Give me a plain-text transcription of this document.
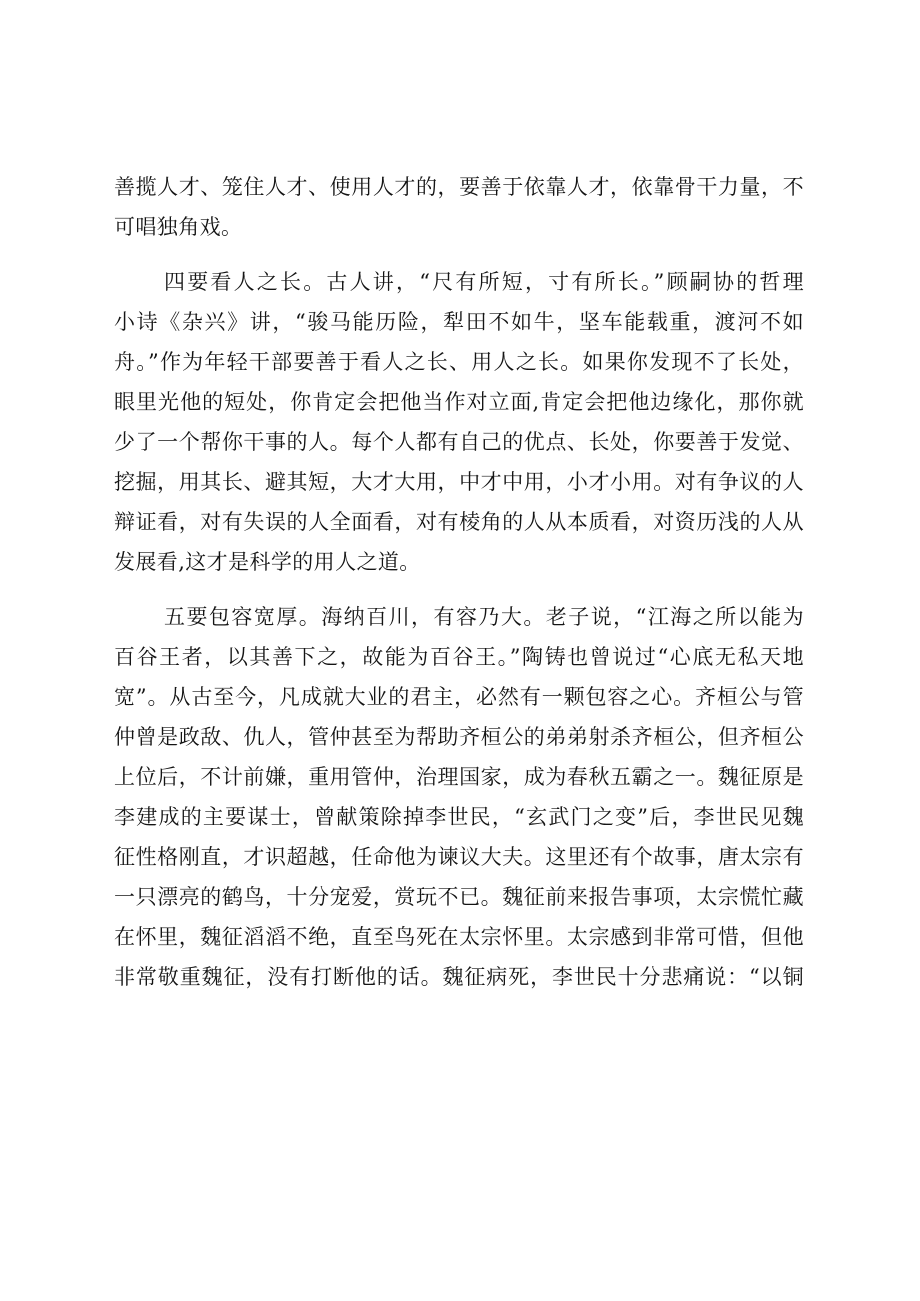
善揽人才、笼住人才、使用人才的，要善于依靠人才，依靠骨干力量，不
可唱独角戏。
四要看人之长。古人讲，“尺有所短，寸有所长。”顾嗣协的哲理
小诗《杂兴》讲，“骏马能历险，犁田不如牛，坚车能载重，渡河不如
舟。”作为年轻干部要善于看人之长、用人之长。如果你发现不了长处，
眼里光他的短处，你肯定会把他当作对立面,肯定会把他边缘化，那你就
少了一个帮你干事的人。每个人都有自己的优点、长处，你要善于发觉、
挖掘，用其长、避其短，大才大用，中才中用，小才小用。对有争议的人
辩证看，对有失误的人全面看，对有棱角的人从本质看，对资历浅的人从
发展看,这才是科学的用人之道。
五要包容宽厚。海纳百川，有容乃大。老子说，“江海之所以能为
百谷王者，以其善下之，故能为百谷王。”陶铸也曾说过“心底无私天地
宽”。从古至今，凡成就大业的君主，必然有一颗包容之心。齐桓公与管
仲曾是政敌、仇人，管仲甚至为帮助齐桓公的弟弟射杀齐桓公，但齐桓公
上位后，不计前嫌，重用管仲，治理国家，成为春秋五霸之一。魏征原是
李建成的主要谋士，曾献策除掉李世民，“玄武门之变”后，李世民见魏
征性格刚直，才识超越，任命他为谏议大夫。这里还有个故事，唐太宗有
一只漂亮的鹤鸟，十分宠爱，赏玩不已。魏征前来报告事项，太宗慌忙藏
在怀里，魏征滔滔不绝，直至鸟死在太宗怀里。太宗感到非常可惜，但他
非常敬重魏征，没有打断他的话。魏征病死，李世民十分悲痛说：“以铜
